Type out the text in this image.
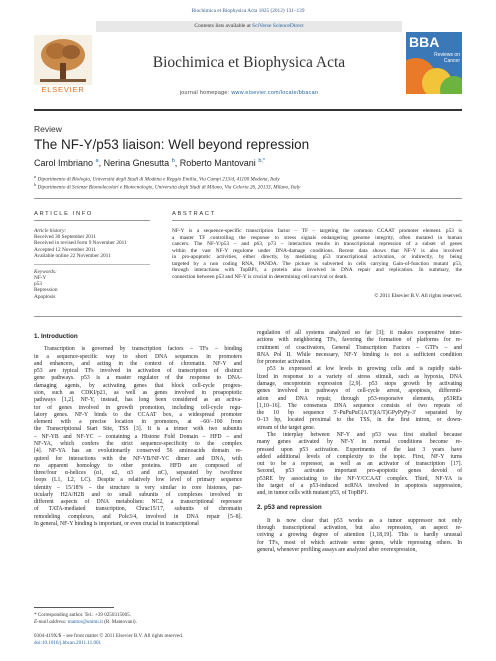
Biochimica et Biophysica Acta 1825 (2012) 131–139
Contents lists available at SciVerse ScienceDirect
ELSEVIER
Biochimica et Biophysica Acta
journal homepage: www.elsevier.com/locate/bbacan
BBA
Reviews on Cancer
Review
The NF-Y/p53 liaison: Well beyond repression
Carol Imbriano $^a$, Nerina Gnesutta $^b$, Roberto Mantovani $^{b,*}$
$^a$ Dipartimento di Biologia, Università degli Studi di Modena e Reggio Emilia, Via Campi 213/d, 41100 Modena, Italy
$^b$ Dipartimento di Scienze Biomolecolari e Biotecnologie, Università degli Studi di Milano, Via Celoria 26, 20133, Milano, Italy
ARTICLE INFO	ABSTRACT
Article history:
Received 30 September 2011
Received in revised form 9 November 2011
Accepted 12 November 2011
Available online 22 November 2011
Keywords:
NF-Y
p53
Repression
Apoptosis
NF-Y is a sequence-specific transcription factor – TF – targeting the common CCAAT promoter element. p53 is
a master TF controlling the response to stress signals endangering genome integrity, often mutated in human
cancers. The NF-Y/p53 – and p63, p73 – interaction results in transcriptional repression of a subset of genes
within the vast NF-Y regulome under DNA-damage conditions. Recent data shows that NF-Y is also involved
in pro-apoptotic activities, either directly, by mediating p53 transcriptional activation, or indirectly, by being
targeted by a non coding RNA, PANDA. The picture is subverted in cells carrying Gain-of-function mutant p53,
through interactions with TopBP1, a protein also involved in DNA repair and replication. In summary, the
connection between p53 and NF-Y is crucial in determining cell survival or death.
© 2011 Elsevier B.V. All rights reserved.
1. Introduction
Transcription is governed by transcription factors – TFs – binding
in a sequence-specific way to short DNA sequences in promoters
and enhancers, and acting in the context of chromatin. NF-Y and
p53 are typical TFs involved in activation of transcription of distinct
gene pathways. p53 is a master regulator of the response to DNA-
damaging agents, by activating genes that block cell-cycle progres-
sion, such as CDKI/p21, as well as genes involved in proapoptotic
pathways [1,2]. NF-Y, instead, has long been considered as an activa-
tor of genes involved in growth promotion, including cell-cycle regu-
latory genes. NF-Y binds to the CCAAT box, a widespread promoter
element with a precise location in promoters, at −60/−100 from
the Transcriptional Start Site, TSS [3]. It is a trimer with two subunits
– NF-YB and NF-YC – containing a Histone Fold Domain – HFD – and
NF-YA, which confers the strict sequence-specificity to the complex
[4]. NF-YA has an evolutionarily conserved 56 aminoacids domain re-
quired for interactions with the NF-YB/NF-YC dimer and DNA, with
no apparent homology to other proteins. HFD are composed of
three/four α-helices (α1, α2, α3 and αC), separated by two/three
loops (L1, L2, LC). Despite a relatively low level of primary sequence
identity – 15/18% – the structure is very similar to core histones, par-
ticularly H2A/H2B and to small subunits of complexes involved in
different aspects of DNA metabolism: NC2, a transcriptional repressor
of TATA-mediated transcription, Chrac15/17, subunits of chromatin
remodeling complexes, and Pole3/4, involved in DNA repair [5–8].
In general, NF-Y binding is important, or even crucial in transcriptional
regulation of all systems analyzed so far [3]; it makes cooperative inter-
actions with neighboring TFs, favoring the formation of platforms for re-
cruitment of coactivators, General Transcription Factors – GTFs – and
RNA Pol II. While necessary, NF-Y binding is not a sufficient condition
for promoter activation.
p53 is expressed at low levels in growing cells and is rapidly stabi-
lized in response to a variety of stress stimuli, such as hypoxia, DNA
damage, oncoprotein expression [2,9]. p53 stops growth by activating
genes involved in pathways of cell-cycle arrest, apoptosis, differenti-
ation and DNA repair, through p53-responsive elements, p53REs
[1,10–16]. The consensus DNA sequence consists of two repeats of
the 10 bp sequence 5′-PuPuPuC(A/T)(A/T)GPyPyPy-3′ separated by
0–13 bp, located proximal to the TSS, in the first intron, or down-
stream of the target gene.
The interplay between NF-Y and p53 was first studied because
many genes activated by NF-Y in normal conditions become re-
pressed upon p53 activation. Experiments of the last 3 years have
added additional levels of complexity to the topic. First, NF-Y turns
out to be a repressor, as well as an activator of transcription [17].
Second, p53 activates important pro-apoptotic genes devoid of
p53RE by associating to the NF-Y/CCAAT complex. Third, NF-YA is
the target of a p53-induced ncRNA involved in apoptosis suppression,
and, in tumor cells with mutant p53, of TopBP1.
2. p53 and repression
It is now clear that p53 works as a tumor suppressor not only
through transcriptional activation, but also repression, an aspect re-
ceiving a growing degree of attention [1,18,19]. This is hardly unusual
for TFs, most of which activate some genes, while repressing others. In
general, whenever profiling assays are analyzed after overexpression,
* Corresponding author. Tel.: +39 0250315005.
E-mail address: mantor@unimi.it (R. Mantovani).
0304-419X/$ – see front matter © 2011 Elsevier B.V. All rights reserved.
doi:10.1016/j.bbcan.2011.11.001
